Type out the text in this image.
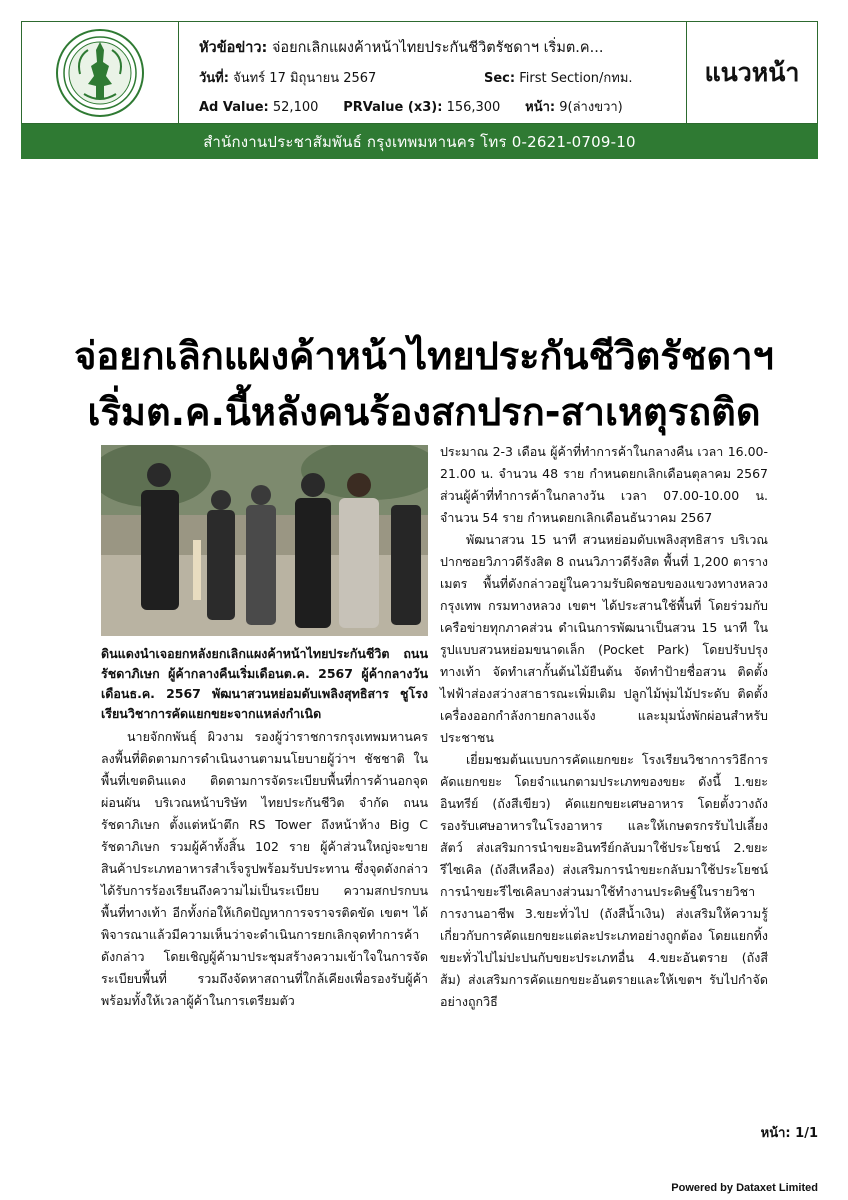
หัวข้อข่าว: จ่อยกเลิกแผงค้าหน้าไทยประกันชีวิตรัชดาฯ เริ่มต.ค...
วันที่: จันทร์ 17 มิถุนายน 2567	Sec: First Section/กทม.
Ad Value: 52,100 PRValue (x3): 156,300 หน้า: 9(ล่างขวา)
แนวหน้า
สำนักงานประชาสัมพันธ์ กรุงเทพมหานคร โทร 0-2621-0709-10
จ่อยกเลิกแผงค้าหน้าไทยประกันชีวิตรัชดาฯ
เริ่มต.ค.นี้หลังคนร้องสกปรก-สาเหตุรถติด

ดินแดงนำเจอยกหลังยกเลิกแผงค้าหน้าไทยประกันชีวิต ถนนรัชดาภิเษก ผู้ค้ากลางคืนเริ่มเดือนต.ค. 2567 ผู้ค้ากลางวันเดือนธ.ค. 2567 พัฒนาสวนหย่อมดับเพลิงสุทธิสาร ชูโรงเรียนวิชาการคัดแยกขยะจากแหล่งกำเนิด

นายจักกพันธุ์ ผิวงาม รองผู้ว่าราชการกรุงเทพมหานคร ลงพื้นที่ติดตามการดำเนินงานตามนโยบายผู้ว่าฯ ชัชชาติ ในพื้นที่เขตดินแดง ติดตามการจัดระเบียบพื้นที่การค้านอกจุดผ่อนผัน บริเวณหน้าบริษัท ไทยประกันชีวิต จำกัด ถนนรัชดาภิเษก ตั้งแต่หน้าตึก RS Tower ถึงหน้าห้าง Big C รัชดาภิเษก รวมผู้ค้าทั้งสิ้น 102 ราย ผู้ค้าส่วนใหญ่จะขายสินค้าประเภทอาหารสำเร็จรูปพร้อมรับประทาน ซึ่งจุดดังกล่าวได้รับการร้องเรียนถึงความไม่เป็นระเบียบ ความสกปรกบนพื้นที่ทางเท้า อีกทั้งก่อให้เกิดปัญหาการจราจรติดขัด เขตฯ ได้พิจารณาแล้วมีความเห็นว่าจะดำเนินการยกเลิกจุดทำการค้าดังกล่าว โดยเชิญผู้ค้ามาประชุมสร้างความเข้าใจในการจัดระเบียบพื้นที่ รวมถึงจัดหาสถานที่ใกล้เคียงเพื่อรองรับผู้ค้า พร้อมทั้งให้เวลาผู้ค้าในการเตรียมตัว

ประมาณ 2-3 เดือน ผู้ค้าที่ทำการค้าในกลางคืน เวลา 16.00-21.00 น. จำนวน 48 ราย กำหนดยกเลิกเดือนตุลาคม 2567 ส่วนผู้ค้าที่ทำการค้าในกลางวัน เวลา 07.00-10.00 น. จำนวน 54 ราย กำหนดยกเลิกเดือนธันวาคม 2567

พัฒนาสวน 15 นาที สวนหย่อมดับเพลิงสุทธิสาร บริเวณปากซอยวิภาวดีรังสิต 8 ถนนวิภาวดีรังสิต พื้นที่ 1,200 ตารางเมตร พื้นที่ดังกล่าวอยู่ในความรับผิดชอบของแขวงทางหลวงกรุงเทพ กรมทางหลวง เขตฯ ได้ประสานใช้พื้นที่ โดยร่วมกับเครือข่ายทุกภาคส่วน ดำเนินการพัฒนาเป็นสวน 15 นาที ในรูปแบบสวนหย่อมขนาดเล็ก (Pocket Park) โดยปรับปรุงทางเท้า จัดทำเสากั้นต้นไม้ยืนต้น จัดทำป้ายชื่อสวน ติดตั้งไฟฟ้าส่องสว่างสาธารณะเพิ่มเติม ปลูกไม้พุ่มไม้ประดับ ติดตั้งเครื่องออกกำลังกายกลางแจ้ง และมุมนั่งพักผ่อนสำหรับประชาชน

เยี่ยมชมต้นแบบการคัดแยกขยะ โรงเรียนวิชาการวิธีการคัดแยกขยะ โดยจำแนกตามประเภทของขยะ ดังนี้ 1.ขยะอินทรีย์ (ถังสีเขียว) คัดแยกขยะเศษอาหาร โดยตั้งวางถังรองรับเศษอาหารในโรงอาหาร และให้เกษตรกรรับไปเลี้ยงสัตว์ ส่งเสริมการนำขยะอินทรีย์กลับมาใช้ประโยชน์ 2.ขยะรีไซเคิล (ถังสีเหลือง) ส่งเสริมการนำขยะกลับมาใช้ประโยชน์ การนำขยะรีไซเคิลบางส่วนมาใช้ทำงานประดิษฐ์ในรายวิชาการงานอาชีพ 3.ขยะทั่วไป (ถังสีน้ำเงิน) ส่งเสริมให้ความรู้เกี่ยวกับการคัดแยกขยะแต่ละประเภทอย่างถูกต้อง โดยแยกทิ้งขยะทั่วไปไม่ปะปนกับขยะประเภทอื่น 4.ขยะอันตราย (ถังสีส้ม) ส่งเสริมการคัดแยกขยะอันตรายและให้เขตฯ รับไปกำจัดอย่างถูกวิธี

หน้า: 1/1
Powered by Dataxet Limited
